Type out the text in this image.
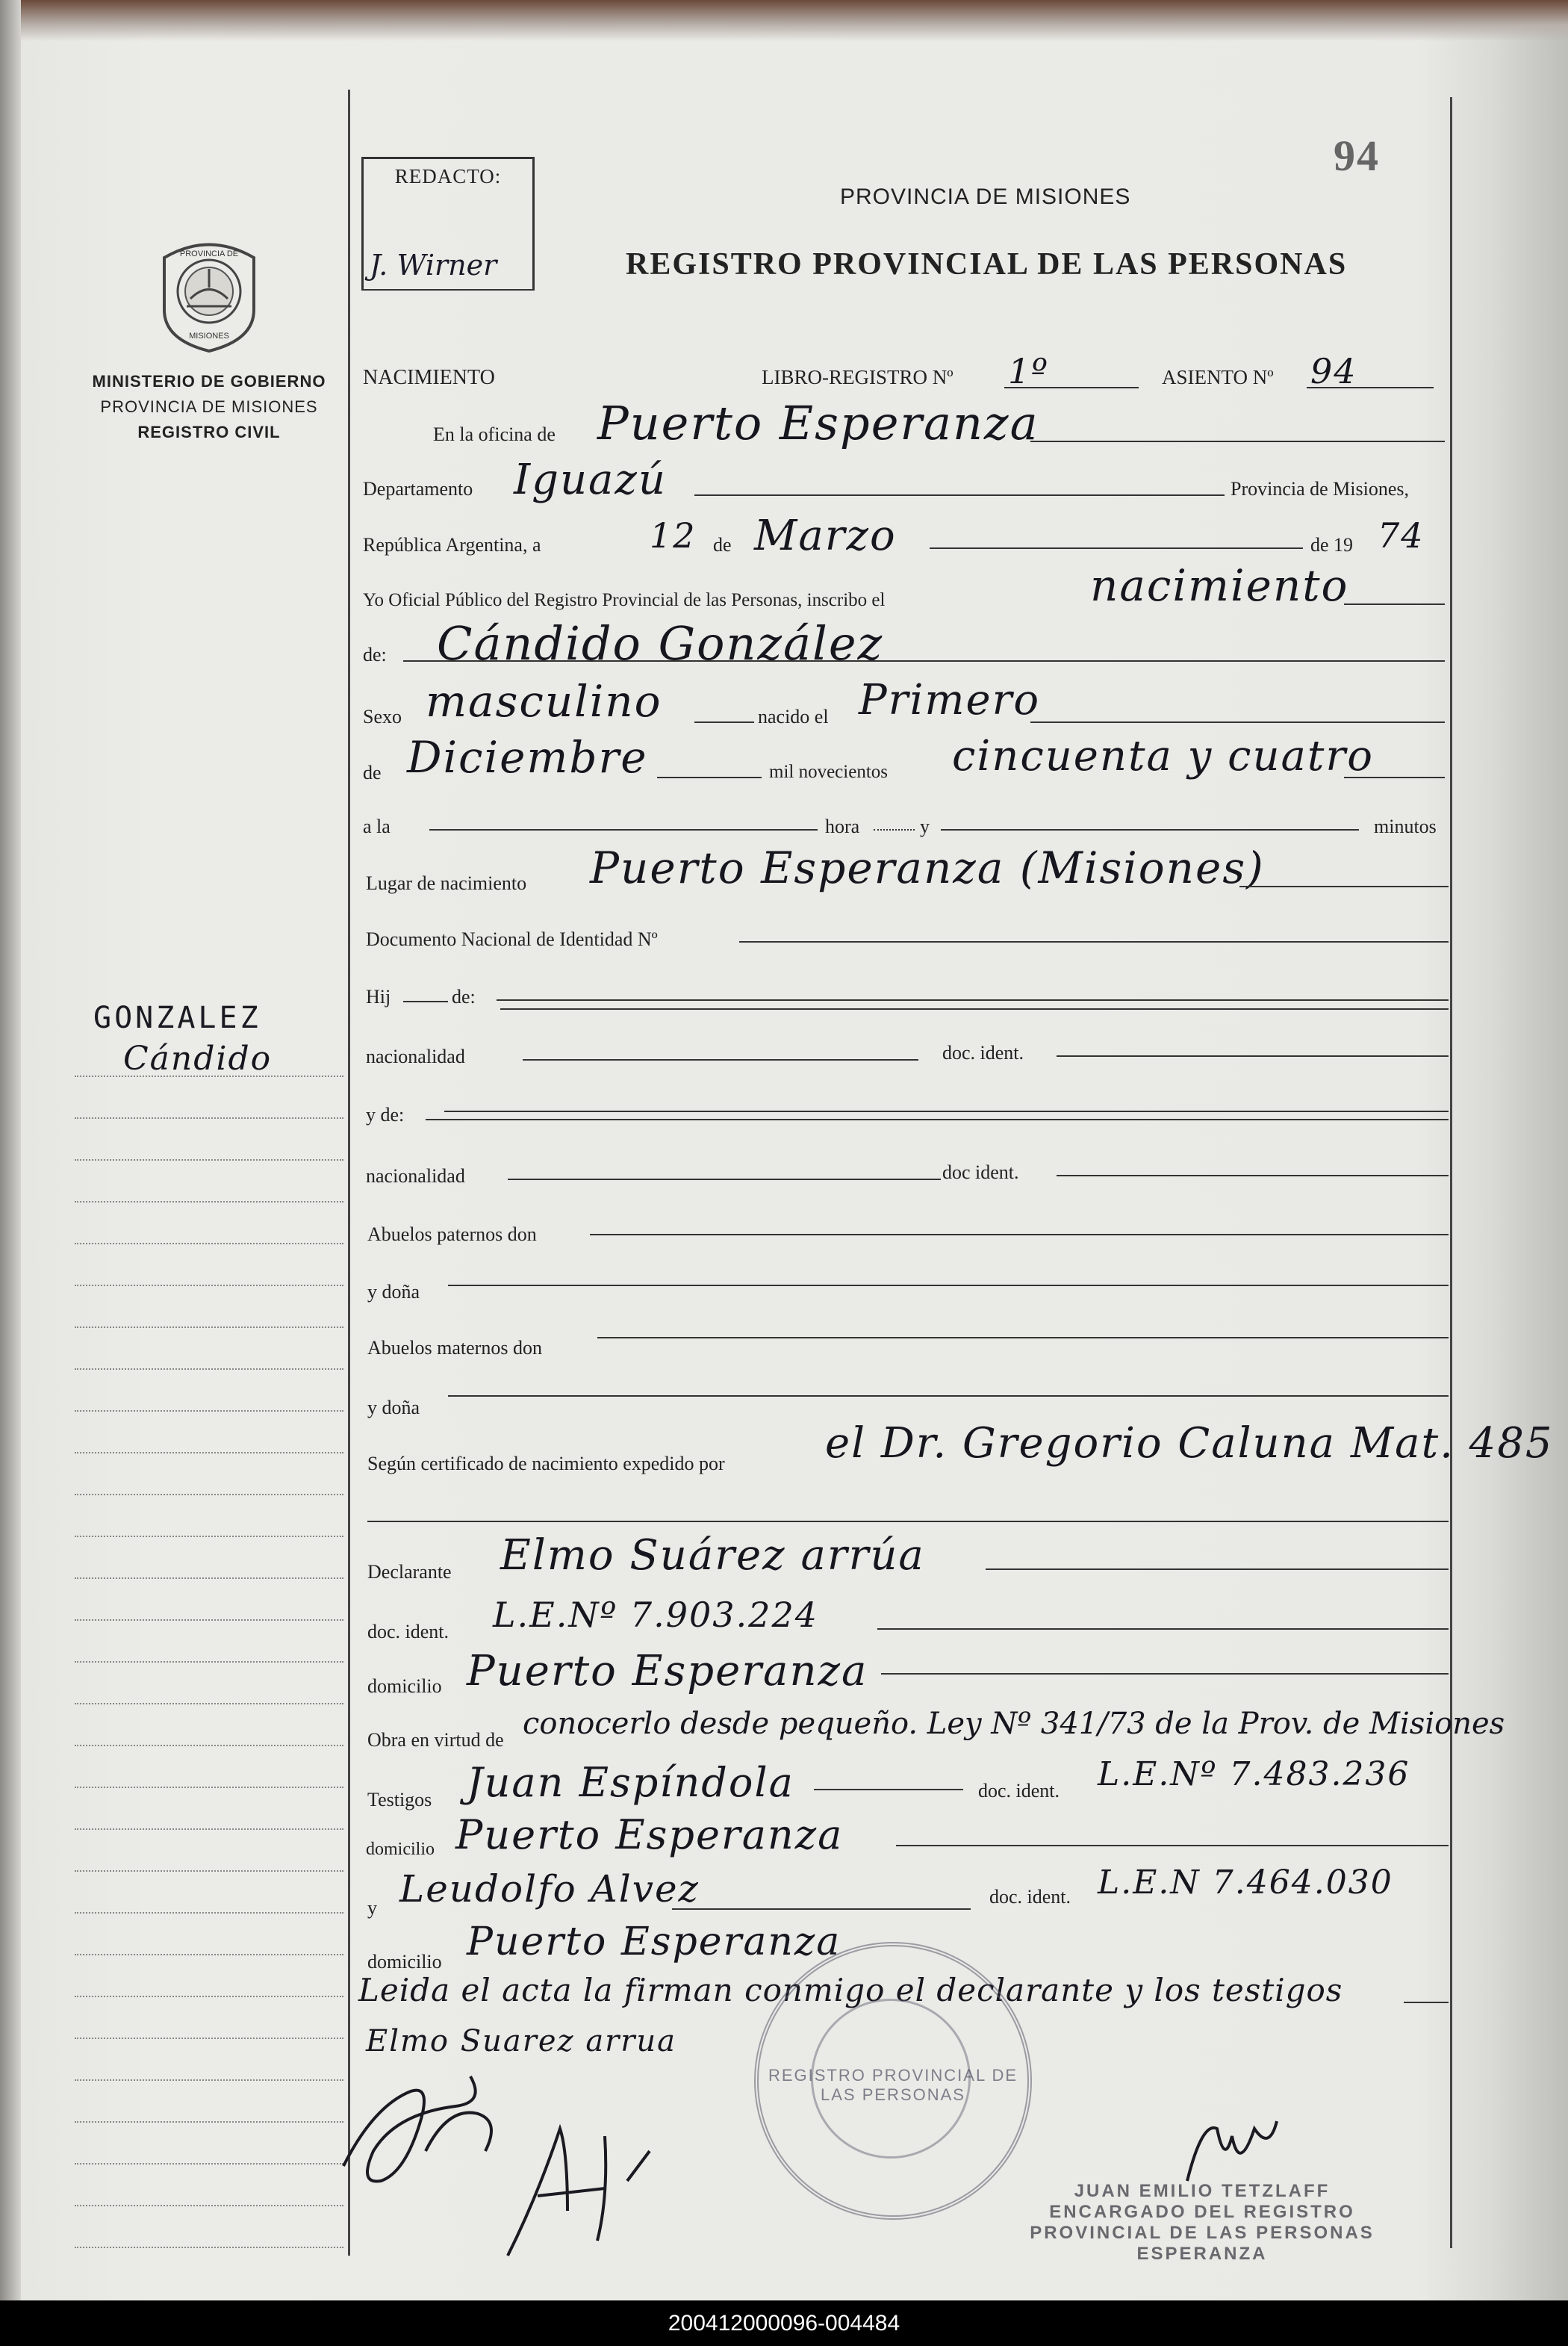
PROVINCIA DE
MISIONES
MINISTERIO DE GOBIERNO
PROVINCIA DE MISIONES
REGISTRO CIVIL
GONZALEZ
Cándido
REDACTO:
J. Wirner
94
PROVINCIA DE MISIONES
REGISTRO PROVINCIAL DE LAS PERSONAS
NACIMIENTO	LIBRO-REGISTRO Nº 1º	ASIENTO Nº 94
En la oficina de Puerto Esperanza
Departamento Iguazú	Provincia de Misiones,
República Argentina, a	12 de Marzo	de 19 74
Yo Oficial Público del Registro Provincial de las Personas, inscribo el	nacimiento
de: Cándido González
Sexo masculino	nacido el Primero
de Diciembre	mil novecientos cincuenta y cuatro
a la	hora	y	minutos
Lugar de nacimiento Puerto Esperanza (Misiones)
Documento Nacional de Identidad Nº
Hij	de:
nacionalidad	doc. ident.
y de:
nacionalidad	doc ident.
Abuelos paternos don
y doña
Abuelos maternos don
y doña
Según certificado de nacimiento expedido por el Dr. Gregorio Caluna Mat. 485
Declarante Elmo Suárez arrúa
doc. ident. L.E.Nº 7.903.224
domicilio Puerto Esperanza
Obra en virtud de conocerlo desde pequeño. Ley Nº 341/73 de la Prov. de Misiones
Testigos Juan Espíndola	doc. ident. L.E.Nº 7.483.236
domicilio Puerto Esperanza
y Leudolfo Alvez	doc. ident. L.E.N 7.464.030
domicilio Puerto Esperanza
Leida el acta la firman conmigo el declarante y los testigos
Elmo Suarez arrua
REGISTRO PROVINCIAL DE LAS PERSONAS
JUAN EMILIO TETZLAFF
ENCARGADO DEL REGISTRO
PROVINCIAL DE LAS PERSONAS
ESPERANZA
200412000096-004484
